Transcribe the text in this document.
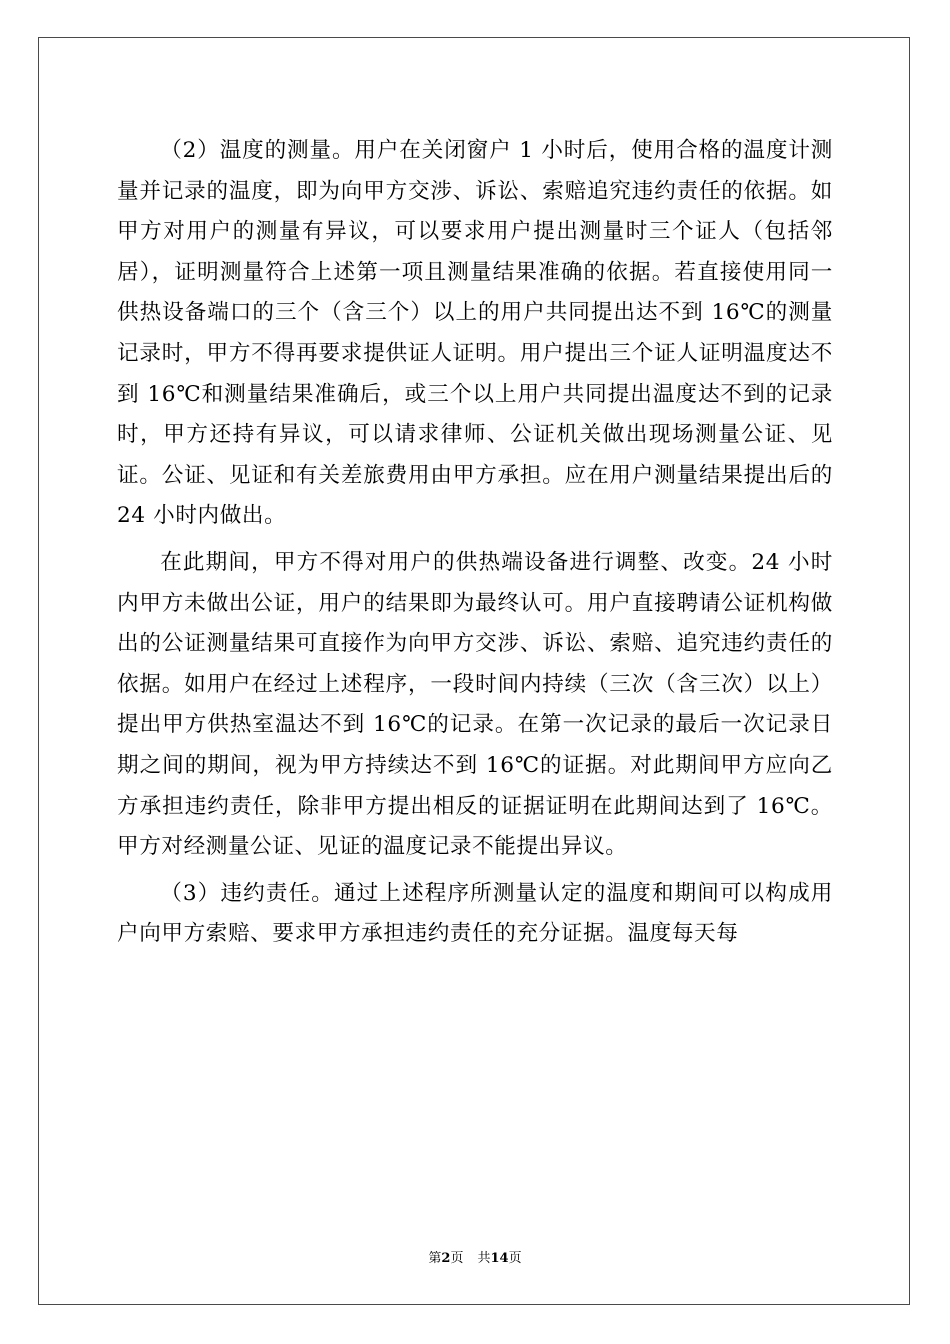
（2）温度的测量。用户在关闭窗户 1 小时后，使用合格的温度计测量并记录的温度，即为向甲方交涉、诉讼、索赔追究违约责任的依据。如甲方对用户的测量有异议，可以要求用户提出测量时三个证人（包括邻居），证明测量符合上述第一项且测量结果准确的依据。若直接使用同一供热设备端口的三个（含三个）以上的用户共同提出达不到 16℃的测量记录时，甲方不得再要求提供证人证明。用户提出三个证人证明温度达不到 16℃和测量结果准确后，或三个以上用户共同提出温度达不到的记录时，甲方还持有异议，可以请求律师、公证机关做出现场测量公证、见证。公证、见证和有关差旅费用由甲方承担。应在用户测量结果提出后的 24 小时内做出。

在此期间，甲方不得对用户的供热端设备进行调整、改变。24 小时内甲方未做出公证，用户的结果即为最终认可。用户直接聘请公证机构做出的公证测量结果可直接作为向甲方交涉、诉讼、索赔、追究违约责任的依据。如用户在经过上述程序，一段时间内持续（三次（含三次）以上）提出甲方供热室温达不到 16℃的记录。在第一次记录的最后一次记录日期之间的期间，视为甲方持续达不到 16℃的证据。对此期间甲方应向乙方承担违约责任，除非甲方提出相反的证据证明在此期间达到了 16℃。甲方对经测量公证、见证的温度记录不能提出异议。

（3）违约责任。通过上述程序所测量认定的温度和期间可以构成用户向甲方索赔、要求甲方承担违约责任的充分证据。温度每天每

第2页 共14页
